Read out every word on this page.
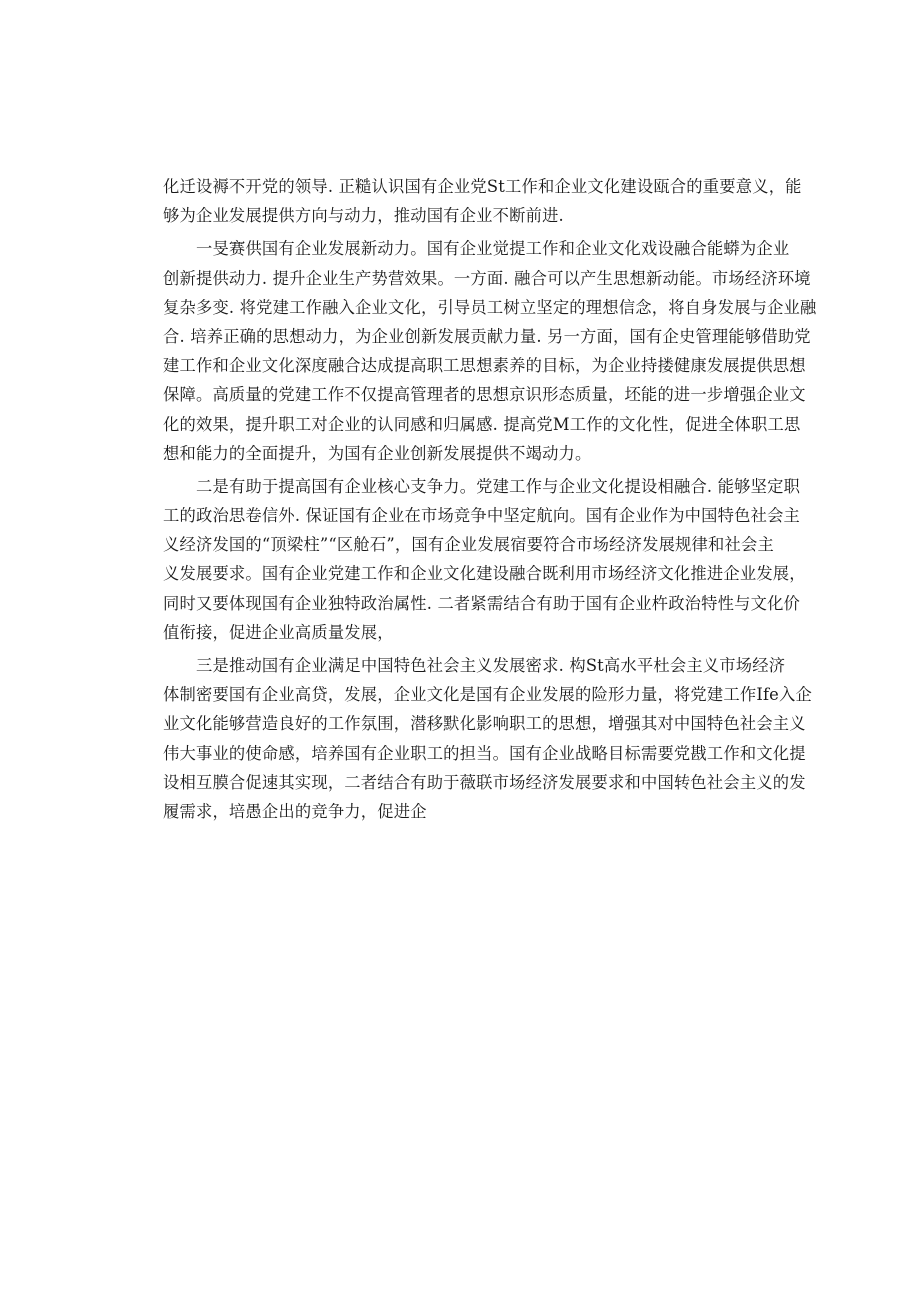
化迁设褥不开党的领导. 正糙认识国有企业党St工作和企业文化建设瓯合的重要意义，能
够为企业发展提供方向与动力，推动国有企业不断前进.
一旻赛供国有企业发展新动力。国有企业觉提工作和企业文化戏设融合能蟒为企业
创新提供动力. 提升企业生产势营效果。一方面. 融合可以产生思想新动能。市场经济环境
复杂多变. 将党建工作融入企业文化，引导员工树立坚定的理想信念，将自身发展与企业融
合. 培养正确的思想动力，为企业创新发展贡献力量. 另一方面，国有企史管理能够借助党
建工作和企业文化深度融合达成提高职工思想素养的目标，为企业持搂健康发展提供思想
保障。高质量的党建工作不仅提高管理者的思想京识形态质量，坯能的进一步增强企业文
化的效果，提升职工对企业的认同感和归属感. 提高党M工作的文化性，促进全体职工思
想和能力的全面提升，为国有企业创新发展提供不竭动力。
二是有助于提高国有企业核心支争力。党建工作与企业文化提设相融合. 能够坚定职
工的政治思卷信外. 保证国有企业在市场竞争中坚定航向。国有企业作为中国特色社会主
义经济发国的“顶梁柱”“区舱石”，国有企业发展宿要符合市场经济发展规律和社会主
义发展要求。国有企业党建工作和企业文化建设融合既利用市场经济文化推进企业发展，
同时又要体现国有企业独特政治属性. 二者紧需结合有助于国有企业杵政治特性与文化价
值衔接，促进企业高质量发展，
三是推动国有企业满足中国特色社会主义发展密求. 构St高水平杜会主义市场经济
体制密要国有企业高贷，发展，企业文化是国有企业发展的险形力量，将党建工作Ife入企
业文化能够营造良好的工作氛围，潜移默化影响职工的思想，增强其对中国特色社会主义
伟大事业的使命感，培养国有企业职工的担当。国有企业战略目标需要党戡工作和文化提
设相互膜合促速其实现，二者结合有助于薇联市场经济发展要求和中国转色社会主义的发
履需求，培愚企出的竞争力，促进企
